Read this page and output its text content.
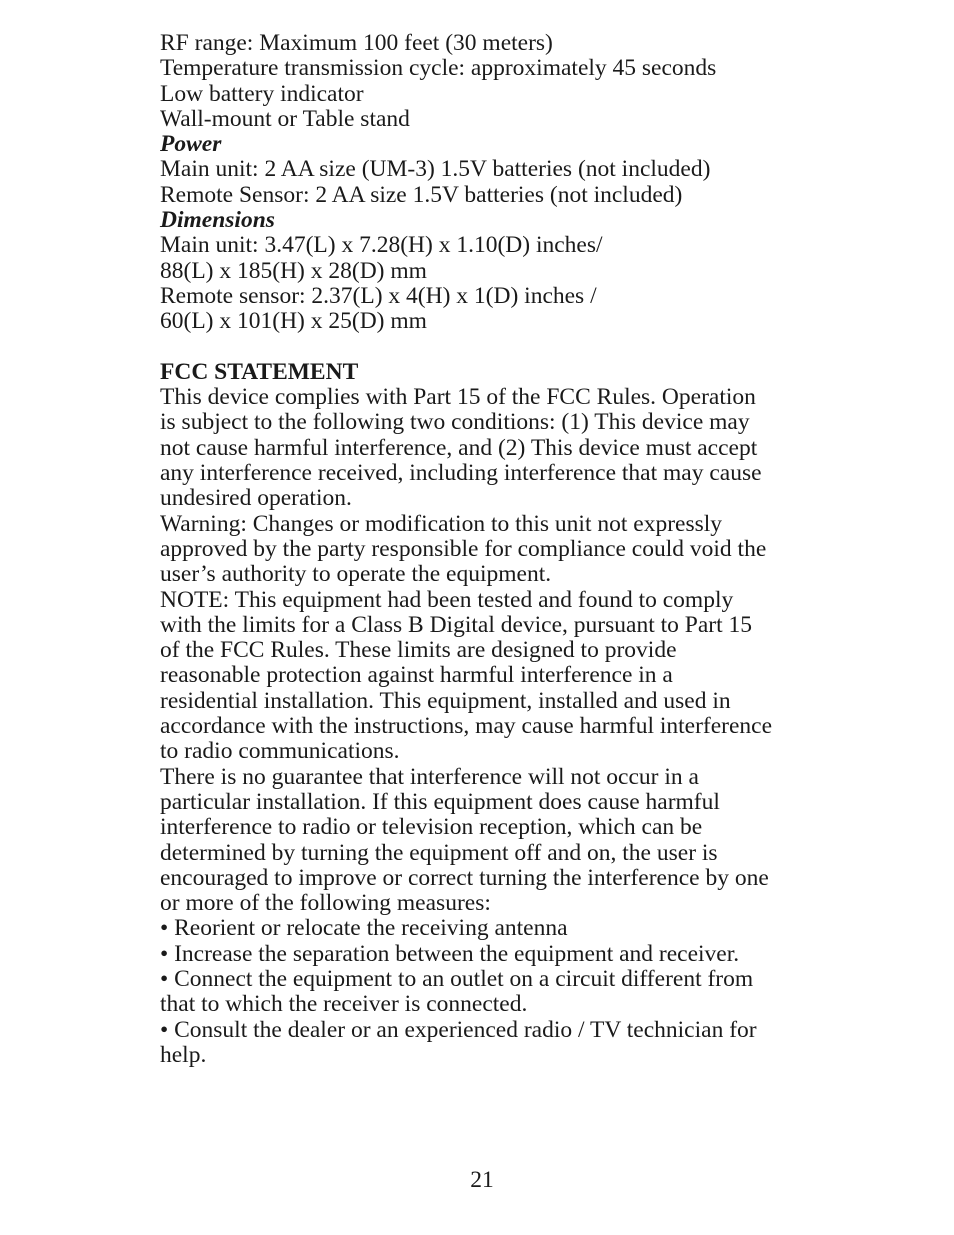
RF range: Maximum 100 feet (30 meters)
Temperature transmission cycle: approximately 45 seconds
Low battery indicator
Wall-mount or Table stand
Power
Main unit: 2 AA size (UM-3) 1.5V batteries (not included)
Remote Sensor: 2 AA size 1.5V batteries (not included)
Dimensions
Main unit: 3.47(L) x 7.28(H) x 1.10(D) inches/
88(L) x 185(H) x 28(D) mm
Remote sensor: 2.37(L) x 4(H) x 1(D) inches /
60(L) x 101(H) x 25(D) mm
FCC STATEMENT
This device complies with Part 15 of the FCC Rules. Operation
is subject to the following two conditions: (1) This device may
not cause harmful interference, and (2) This device must accept
any interference received, including interference that may cause
undesired operation.
Warning: Changes or modification to this unit not expressly
approved by the party responsible for compliance could void the
user’s authority to operate the equipment.
NOTE: This equipment had been tested and found to comply
with the limits for a Class B Digital device, pursuant to Part 15
of the FCC Rules. These limits are designed to provide
reasonable protection against harmful interference in a
residential installation. This equipment, installed and used in
accordance with the instructions, may cause harmful interference
to radio communications.
There is no guarantee that interference will not occur in a
particular installation. If this equipment does cause harmful
interference to radio or television reception, which can be
determined by turning the equipment off and on, the user is
encouraged to improve or correct turning the interference by one
or more of the following measures:
• Reorient or relocate the receiving antenna
• Increase the separation between the equipment and receiver.
• Connect the equipment to an outlet on a circuit different from
that to which the receiver is connected.
• Consult the dealer or an experienced radio / TV technician for
help.
21
